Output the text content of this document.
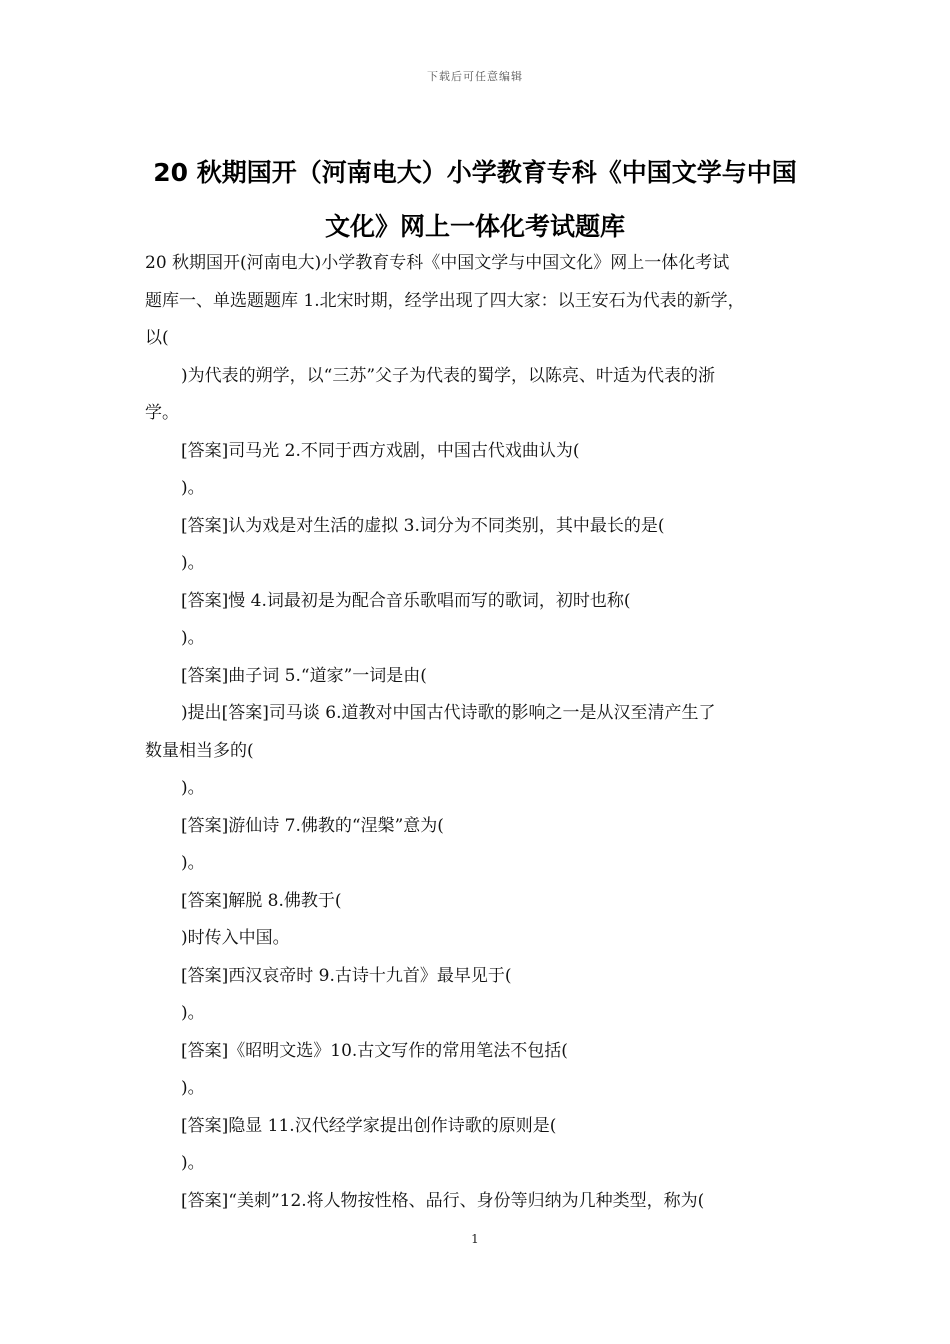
下载后可任意编辑
20 秋期国开（河南电大）小学教育专科《中国文学与中国
文化》网上一体化考试题库
20 秋期国开(河南电大)小学教育专科《中国文学与中国文化》网上一体化考试
题库一、单选题题库 1.北宋时期，经学出现了四大家：以王安石为代表的新学，
以(
)为代表的朔学，以“三苏”父子为代表的蜀学，以陈亮、叶适为代表的浙
学。
[答案]司马光 2.不同于西方戏剧，中国古代戏曲认为(
)。
[答案]认为戏是对生活的虚拟 3.词分为不同类别，其中最长的是(
)。
[答案]慢 4.词最初是为配合音乐歌唱而写的歌词，初时也称(
)。
[答案]曲子词 5.“道家”一词是由(
)提出[答案]司马谈 6.道教对中国古代诗歌的影响之一是从汉至清产生了
数量相当多的(
)。
[答案]游仙诗 7.佛教的“涅槃”意为(
)。
[答案]解脱 8.佛教于(
)时传入中国。
[答案]西汉哀帝时 9.古诗十九首》最早见于(
)。
[答案]《昭明文选》10.古文写作的常用笔法不包括(
)。
[答案]隐显 11.汉代经学家提出创作诗歌的原则是(
)。
[答案]“美刺”12.将人物按性格、品行、身份等归纳为几种类型，称为(
1
